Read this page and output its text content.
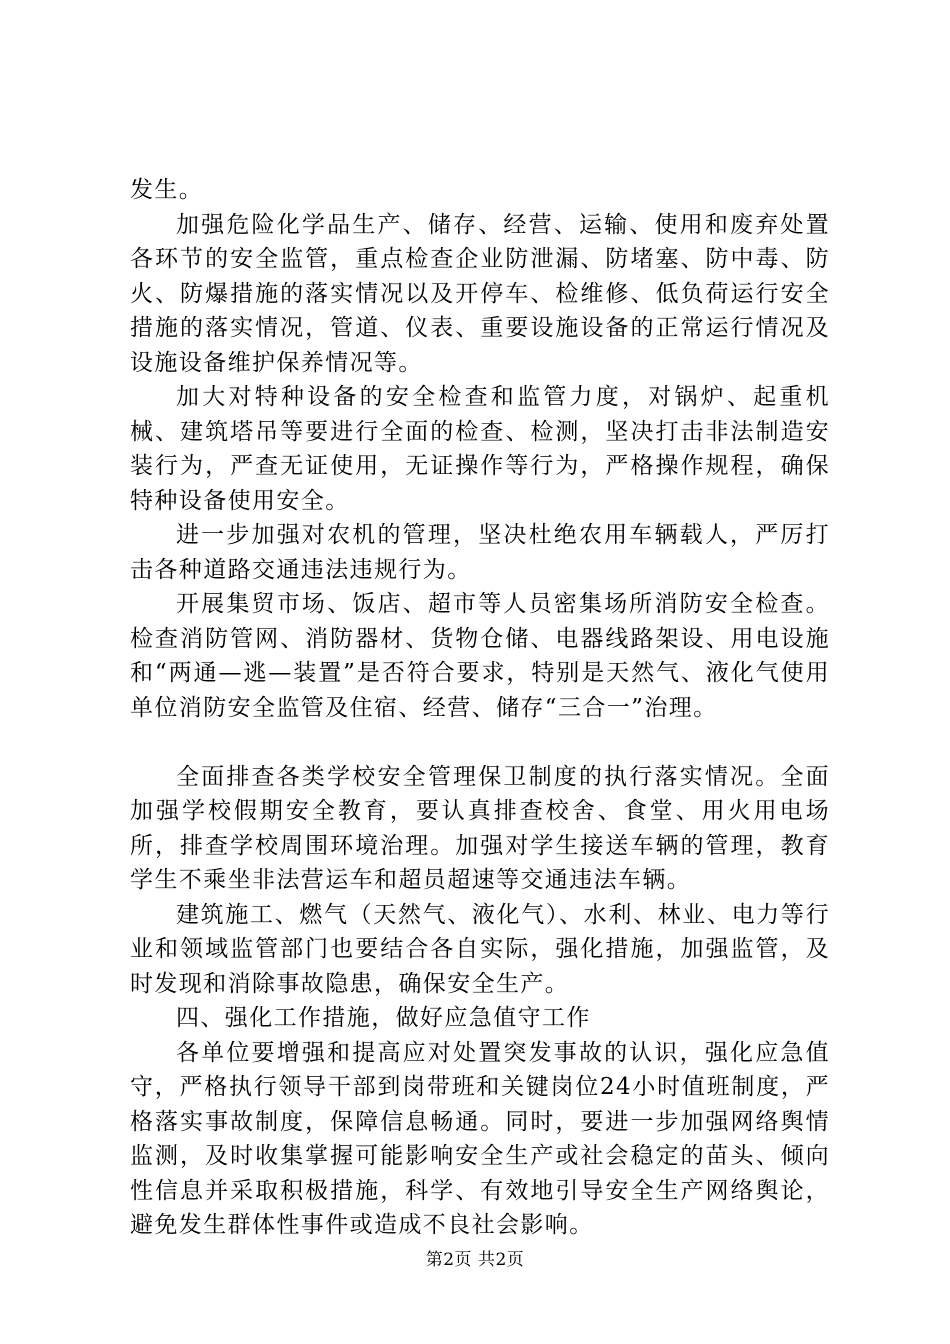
发生。

加强危险化学品生产、储存、经营、运输、使用和废弃处置各环节的安全监管，重点检查企业防泄漏、防堵塞、防中毒、防火、防爆措施的落实情况以及开停车、检维修、低负荷运行安全措施的落实情况，管道、仪表、重要设施设备的正常运行情况及设施设备维护保养情况等。

加大对特种设备的安全检查和监管力度，对锅炉、起重机械、建筑塔吊等要进行全面的检查、检测，坚决打击非法制造安装行为，严查无证使用，无证操作等行为，严格操作规程，确保特种设备使用安全。

进一步加强对农机的管理，坚决杜绝农用车辆载人，严厉打击各种道路交通违法违规行为。

开展集贸市场、饭店、超市等人员密集场所消防安全检查。检查消防管网、消防器材、货物仓储、电器线路架设、用电设施和“两通—逃—装置”是否符合要求，特别是天然气、液化气使用单位消防安全监管及住宿、经营、储存“三合一”治理。

全面排查各类学校安全管理保卫制度的执行落实情况。全面加强学校假期安全教育，要认真排查校舍、食堂、用火用电场所，排查学校周围环境治理。加强对学生接送车辆的管理，教育学生不乘坐非法营运车和超员超速等交通违法车辆。

建筑施工、燃气（天然气、液化气）、水利、林业、电力等行业和领域监管部门也要结合各自实际，强化措施，加强监管，及时发现和消除事故隐患，确保安全生产。

四、强化工作措施，做好应急值守工作

各单位要增强和提高应对处置突发事故的认识，强化应急值守，严格执行领导干部到岗带班和关键岗位24小时值班制度，严格落实事故制度，保障信息畅通。同时，要进一步加强网络舆情监测，及时收集掌握可能影响安全生产或社会稳定的苗头、倾向性信息并采取积极措施，科学、有效地引导安全生产网络舆论，避免发生群体性事件或造成不良社会影响。

第2页 共2页
